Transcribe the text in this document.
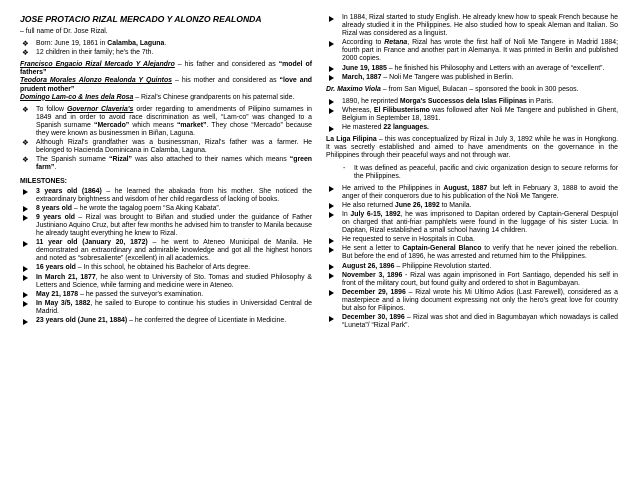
JOSE PROTACIO RIZAL MERCADO Y ALONZO REALONDA

– full name of Dr. Jose Rizal.

❖ Born: June 19, 1861 in Calamba, Laguna.
❖ 12 children in their family; he's the 7th.

Francisco Engacio Rizal Mercado Y Alejandro – his father and considered as “model of fathers”
Teodora Morales Alonzo Realonda Y Quintos – his mother and considered as “love and prudent mother”
Domingo Lam-co & Ines dela Rosa – Rizal's Chinese grandparents on his paternal side.

❖ To follow Governor Claveria's order regarding to amendments of Pilipino surnames in 1849 and in order to avoid race discrimination as well, “Lam-co” was changed to a Spanish surname “Mercado” which means “market”. They chose “Mercado” because they were known as businessmen in Biñan, Laguna.
❖ Although Rizal's grandfather was a businessman, Rizal's father was a farmer. He belonged to Hacienda Dominicana in Calamba, Laguna.
❖ The Spanish surname “Rizal” was also attached to their names which means “green farm”.
MILESTONES:
3 years old (1864) – he learned the abakada from his mother. She noticed the extraordinary brightness and wisdom of her child regardless of lacking of books.
8 years old – he wrote the tagalog poem “Sa Aking Kabata”.
9 years old – Rizal was brought to Biñan and studied under the guidance of Father Justiniano Aquino Cruz, but after few months he advised him to transfer to Manila because he already taught everything he knew to Rizal.
11 year old (January 20, 1872) – he went to Ateneo Municipal de Manila. He demonstrated an extraordinary and admirable knowledge and got all the highest honors and noted as “sobresaliente” (excellent) in all academics.
16 years old – In this school, he obtained his Bachelor of Arts degree.
In March 21, 1877, he also went to University of Sto. Tomas and studied Philosophy & Letters and Science, while farming and medicine were in Ateneo.
May 21, 1878 – he passed the surveyor's examination.
In May 3/5, 1882, he sailed to Europe to continue his studies in Universidad Central de Madrid.
23 years old (June 21, 1884) – he conferred the degree of Licentiate in Medicine.
In 1884, Rizal started to study English. He already knew how to speak French because he already studied it in the Philippines. He also studied how to speak Aleman and Italian. So Rizal was considered as a linguist.
According to Retana, Rizal has wrote the first half of Noli Me Tangere in Madrid 1884; fourth part in France and another part in Alemanya. It was printed in Berlin and published 2000 copies.
June 19, 1885 – he finished his Philosophy and Letters with an average of “excellent”.
March, 1887 – Noli Me Tangere was published in Berlin.

Dr. Maximo Viola – from San Miguel, Bulacan – sponsored the book in 300 pesos.

1890, he reprinted Morga's Successos dela Islas Filipinas in Paris.
Whereas, El Filibusterismo was followed after Noli Me Tangere and published in Ghent, Belgium in September 18, 1891.
He mastered 22 languages.

La Liga Filipina – this was conceptualized by Rizal in July 3, 1892 while he was in Hongkong. It was secretly established and aimed to have amendments on the governance in the Philippines through their peaceful ways and not through war.

- It was defined as peaceful, pacific and civic organization design to secure reforms for the Philippines.
He arrived to the Philippines in August, 1887 but left in February 3, 1888 to avoid the anger of their conquerors due to his publication of the Noli Me Tangere.
He also returned June 26, 1892 to Manila.
In July 6-15, 1892, he was imprisoned to Dapitan ordered by Captain-General Despujol on charged that anti-friar pamphlets were found in the luggage of his sister Lucia. In Dapitan, Rizal established a small school having 14 children.
He requested to serve in Hospitals in Cuba.
He sent a letter to Captain-General Blanco to verify that he never joined the rebellion. But before the end of 1896, he was arrested and returned him to the Philippines.
August 26, 1896 – Philippine Revolution started.
November 3, 1896 - Rizal was again imprisoned in Fort Santiago, depended his self in front of the military court, but found guilty and ordered to shot in Bagumbayan.
December 29, 1896 – Rizal wrote his Mi Ultimo Adios (Last Farewell), considered as a masterpiece and a living document expressing not only the hero's great love for country but also for Filipinos.
December 30, 1896 – Rizal was shot and died in Bagumbayan which nowadays is called “Luneta”/ “Rizal Park”.
